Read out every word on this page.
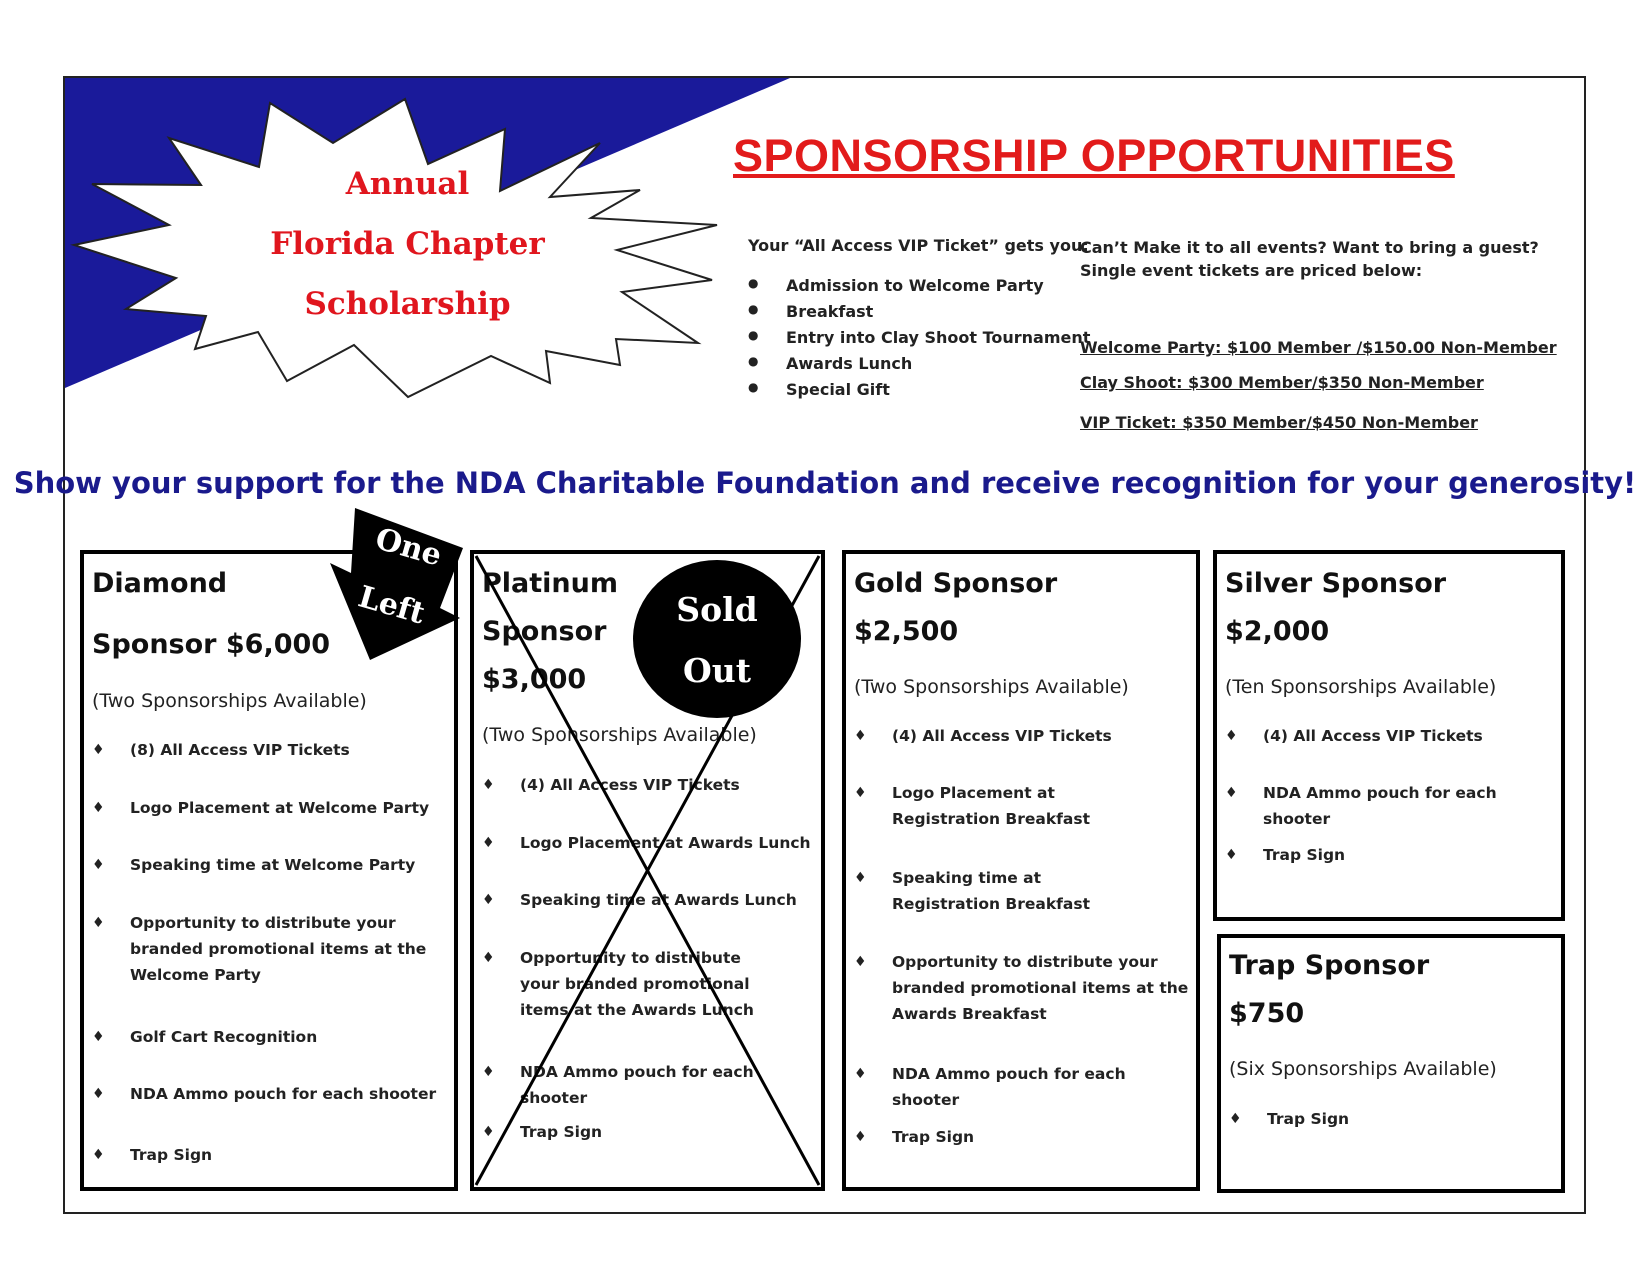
Annual
Florida Chapter
Scholarship
SPONSORSHIP OPPORTUNITIES
Your “All Access VIP Ticket” gets you:
● Admission to Welcome Party
● Breakfast
● Entry into Clay Shoot Tournament
● Awards Lunch
● Special Gift
Can’t Make it to all events? Want to bring a guest?
Single event tickets are priced below:
Welcome Party: $100 Member /$150.00 Non-Member
Clay Shoot: $300 Member/$350 Non-Member
VIP Ticket: $350 Member/$450 Non-Member
Show your support for the NDA Charitable Foundation and receive recognition for your generosity!
Diamond
Sponsor $6,000
(Two Sponsorships Available)
♦ (8) All Access VIP Tickets
♦ Logo Placement at Welcome Party
♦ Speaking time at Welcome Party
♦ Opportunity to distribute your branded promotional items at the Welcome Party
♦ Golf Cart Recognition
♦ NDA Ammo pouch for each shooter
♦ Trap Sign
One
Left Platinum
Sponsor
$3,000
(Two Sponsorships Available)
♦ (4) All Access VIP Tickets
♦ Logo Placement at Awards Lunch
♦ Speaking time at Awards Lunch
♦ Opportunity to distribute your branded promotional items at the Awards Lunch
♦ NDA Ammo pouch for each shooter
♦ Trap Sign
Sold
Out
Gold Sponsor
$2,500
(Two Sponsorships Available)
♦ (4) All Access VIP Tickets
♦ Logo Placement at Registration Breakfast
♦ Speaking time at Registration Breakfast
♦ Opportunity to distribute your branded promotional items at the Awards Breakfast
♦ NDA Ammo pouch for each shooter
♦ Trap Sign
Silver Sponsor
$2,000
(Ten Sponsorships Available)
♦ (4) All Access VIP Tickets
♦ NDA Ammo pouch for each shooter
♦ Trap Sign
Trap Sponsor
$750
(Six Sponsorships Available)
♦ Trap Sign
